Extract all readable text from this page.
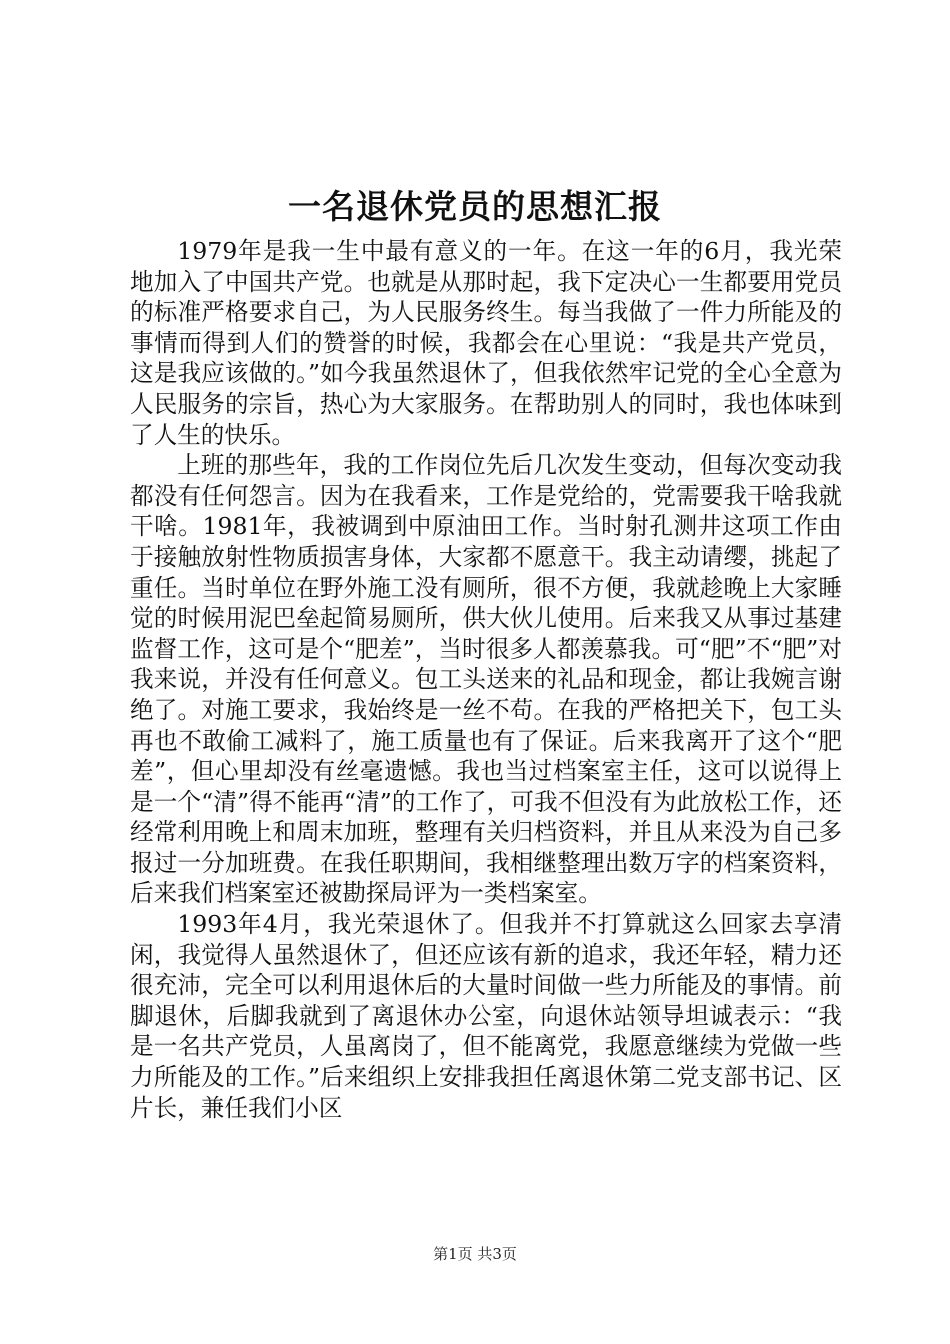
一名退休党员的思想汇报

1979年是我一生中最有意义的一年。在这一年的6月，我光荣地加入了中国共产党。也就是从那时起，我下定决心一生都要用党员的标准严格要求自己，为人民服务终生。每当我做了一件力所能及的事情而得到人们的赞誉的时候，我都会在心里说：“我是共产党员，这是我应该做的。”如今我虽然退休了，但我依然牢记党的全心全意为人民服务的宗旨，热心为大家服务。在帮助别人的同时，我也体味到了人生的快乐。

上班的那些年，我的工作岗位先后几次发生变动，但每次变动我都没有任何怨言。因为在我看来，工作是党给的，党需要我干啥我就干啥。1981年，我被调到中原油田工作。当时射孔测井这项工作由于接触放射性物质损害身体，大家都不愿意干。我主动请缨，挑起了重任。当时单位在野外施工没有厕所，很不方便，我就趁晚上大家睡觉的时候用泥巴垒起简易厕所，供大伙儿使用。后来我又从事过基建监督工作，这可是个“肥差”，当时很多人都羡慕我。可“肥”不“肥”对我来说，并没有任何意义。包工头送来的礼品和现金，都让我婉言谢绝了。对施工要求，我始终是一丝不苟。在我的严格把关下，包工头再也不敢偷工减料了，施工质量也有了保证。后来我离开了这个“肥差”，但心里却没有丝毫遗憾。我也当过档案室主任，这可以说得上是一个“清”得不能再“清”的工作了，可我不但没有为此放松工作，还经常利用晚上和周末加班，整理有关归档资料，并且从来没为自己多报过一分加班费。在我任职期间，我相继整理出数万字的档案资料，后来我们档案室还被勘探局评为一类档案室。

1993年4月，我光荣退休了。但我并不打算就这么回家去享清闲，我觉得人虽然退休了，但还应该有新的追求，我还年轻，精力还很充沛，完全可以利用退休后的大量时间做一些力所能及的事情。前脚退休，后脚我就到了离退休办公室，向退休站领导坦诚表示：“我是一名共产党员，人虽离岗了，但不能离党，我愿意继续为党做一些力所能及的工作。”后来组织上安排我担任离退休第二党支部书记、区片长，兼任我们小区

第1页 共3页
